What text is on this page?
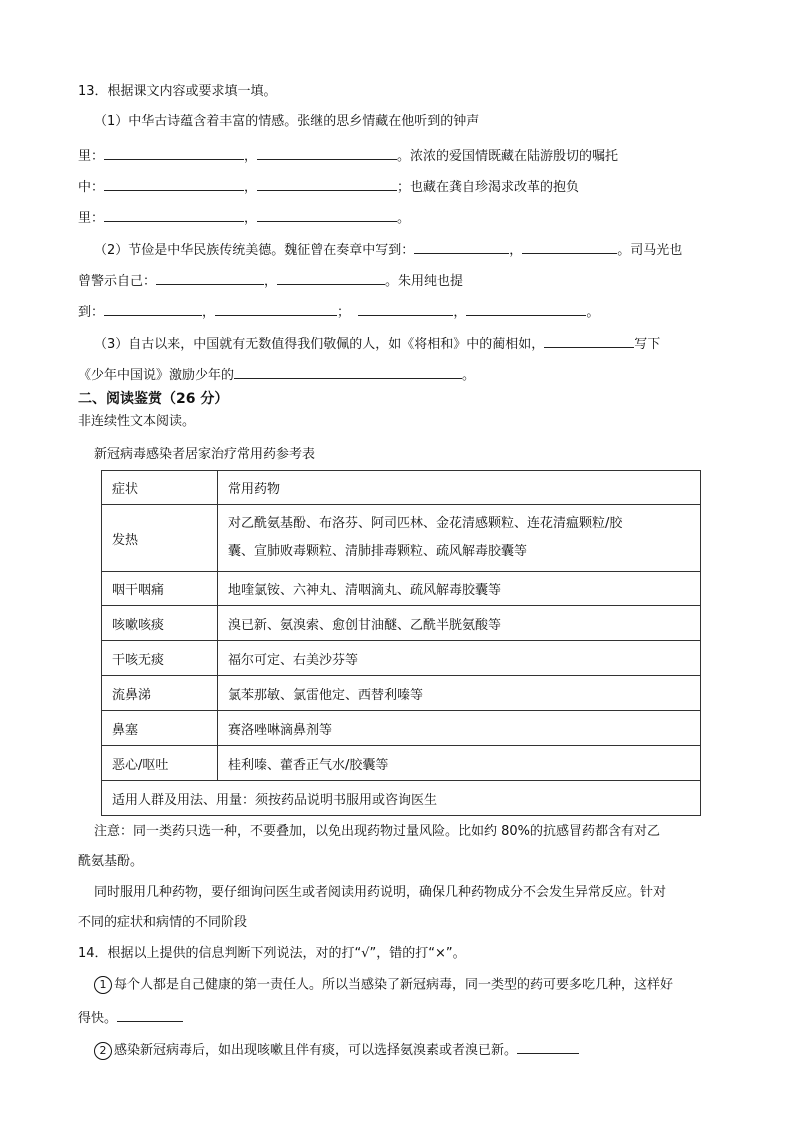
13．根据课文内容或要求填一填。
（1）中华古诗蕴含着丰富的情感。张继的思乡情藏在他听到的钟声
里：	，	。浓浓的爱国情既藏在陆游殷切的嘱托
中：	，	；也藏在龚自珍渴求改革的抱负
里：	，	。
（2）节俭是中华民族传统美德。魏征曾在奏章中写到：	，	。司马光也
曾警示自己：	，	。朱用纯也提
到：	，	；	，	。
（3）自古以来，中国就有无数值得我们敬佩的人，如《将相和》中的蔺相如，	写下
《少年中国说》激励少年的	。
二、阅读鉴赏（26 分）
非连续性文本阅读。
新冠病毒感染者居家治疗常用药参考表
症状	常用药物
发热	对乙酰氨基酚、布洛芬、阿司匹林、金花清感颗粒、连花清瘟颗粒/胶
囊、宣肺败毒颗粒、清肺排毒颗粒、疏风解毒胶囊等
咽干咽痛	地喹氯铵、六神丸、清咽滴丸、疏风解毒胶囊等
咳嗽咳痰	溴已新、氨溴索、愈创甘油醚、乙酰半胱氨酸等
干咳无痰	福尔可定、右美沙芬等
流鼻涕	氯苯那敏、氯雷他定、西替利嗪等
鼻塞	赛洛唑啉滴鼻剂等
恶心/呕吐	桂利嗪、藿香正气水/胶囊等
适用人群及用法、用量：须按药品说明书服用或咨询医生	
注意：同一类药只选一种，不要叠加，以免出现药物过量风险。比如约 80%的抗感冒药都含有对乙
酰氨基酚。
同时服用几种药物，要仔细询问医生或者阅读用药说明，确保几种药物成分不会发生异常反应。针对
不同的症状和病情的不同阶段
14．根据以上提供的信息判断下列说法，对的打“√”，错的打“×”。
1 每个人都是自己健康的第一责任人。所以当感染了新冠病毒，同一类型的药可要多吃几种，这样好
得快。
2 感染新冠病毒后，如出现咳嗽且伴有痰，可以选择氨溴素或者溴已新。
